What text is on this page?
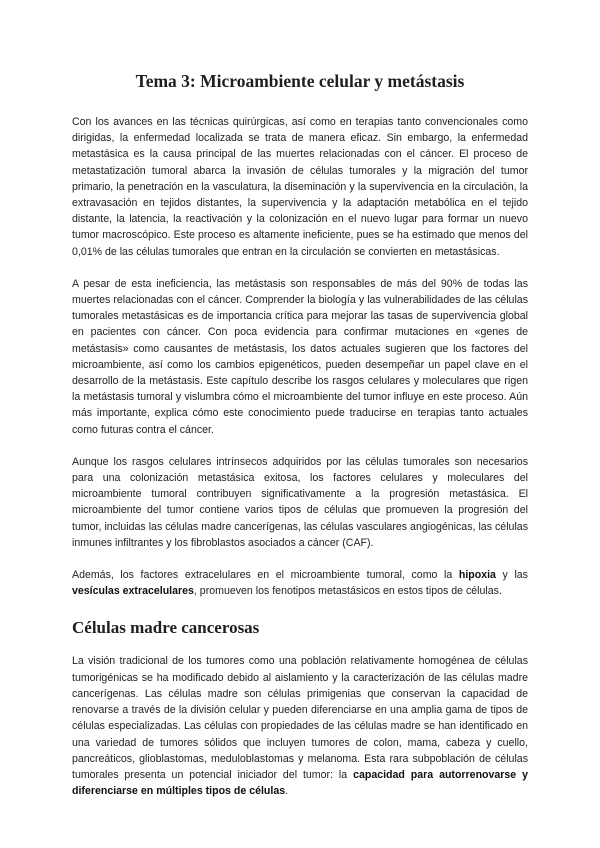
Tema 3: Microambiente celular y metástasis

Con los avances en las técnicas quirúrgicas, así como en terapias tanto convencionales como dirigidas, la enfermedad localizada se trata de manera eficaz. Sin embargo, la enfermedad metastásica es la causa principal de las muertes relacionadas con el cáncer. El proceso de metastatización tumoral abarca la invasión de células tumorales y la migración del tumor primario, la penetración en la vasculatura, la diseminación y la supervivencia en la circulación, la extravasación en tejidos distantes, la supervivencia y la adaptación metabólica en el tejido distante, la latencia, la reactivación y la colonización en el nuevo lugar para formar un nuevo tumor macroscópico. Este proceso es altamente ineficiente, pues se ha estimado que menos del 0,01% de las células tumorales que entran en la circulación se convierten en metastásicas.

A pesar de esta ineficiencia, las metástasis son responsables de más del 90% de todas las muertes relacionadas con el cáncer. Comprender la biología y las vulnerabilidades de las células tumorales metastásicas es de importancia crítica para mejorar las tasas de supervivencia global en pacientes con cáncer. Con poca evidencia para confirmar mutaciones en «genes de metástasis» como causantes de metástasis, los datos actuales sugieren que los factores del microambiente, así como los cambios epigenéticos, pueden desempeñar un papel clave en el desarrollo de la metástasis. Este capítulo describe los rasgos celulares y moleculares que rigen la metástasis tumoral y vislumbra cómo el microambiente del tumor influye en este proceso. Aún más importante, explica cómo este conocimiento puede traducirse en terapias tanto actuales como futuras contra el cáncer.

Aunque los rasgos celulares intrínsecos adquiridos por las células tumorales son necesarios para una colonización metastásica exitosa, los factores celulares y moleculares del microambiente tumoral contribuyen significativamente a la progresión metastásica. El microambiente del tumor contiene varios tipos de células que promueven la progresión del tumor, incluidas las células madre cancerígenas, las células vasculares angiogénicas, las células inmunes infiltrantes y los fibroblastos asociados a cáncer (CAF).

Además, los factores extracelulares en el microambiente tumoral, como la hipoxia y las vesículas extracelulares, promueven los fenotipos metastásicos en estos tipos de células.

Células madre cancerosas

La visión tradicional de los tumores como una población relativamente homogénea de células tumorigénicas se ha modificado debido al aislamiento y la caracterización de las células madre cancerígenas. Las células madre son células primigenias que conservan la capacidad de renovarse a través de la división celular y pueden diferenciarse en una amplia gama de tipos de células especializadas. Las células con propiedades de las células madre se han identificado en una variedad de tumores sólidos que incluyen tumores de colon, mama, cabeza y cuello, pancreáticos, glioblastomas, meduloblastomas y melanoma. Esta rara subpoblación de células tumorales presenta un potencial iniciador del tumor: la capacidad para autorrenovarse y diferenciarse en múltiples tipos de células.
